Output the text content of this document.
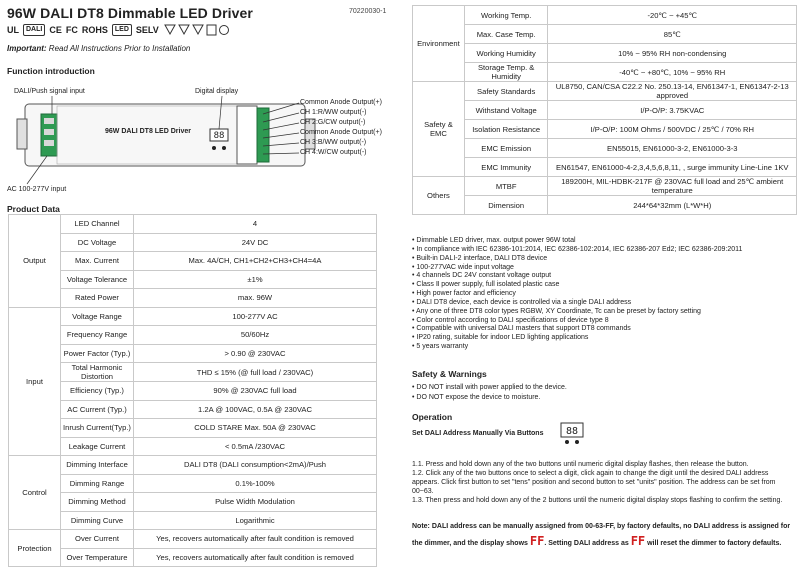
96W DALI DT8 Dimmable LED Driver	70220030-1
UL	DALI CE FC ROHS	LED SELV
Important: Read All Instructions Prior to Installation
Function introduction
88
DALI/Push signal input	Digital display
96W DALI DT8 LED Driver
AC 100-277V input
Common Anode Output(+)
CH 1:R/WW output(-)
CH 2:G/CW output(-)
Common Anode Output(+)
CH 3:B/WW output(-)
CH 4:W/CW output(-)
Product Data
Output	LED Channel	4
	DC Voltage	24V DC
	Max. Current	Max. 4A/CH, CH1+CH2+CH3+CH4=4A
	Voltage Tolerance	±1%
	Rated Power	max. 96W
Input	Voltage Range	100-277V AC
	Frequency Range	50/60Hz
	Power Factor (Typ.)	> 0.90 @ 230VAC
	Total Harmonic Distortion	THD ≤ 15% (@ full load / 230VAC)
	Efficiency (Typ.)	90% @ 230VAC full load
	AC Current (Typ.)	1.2A @ 100VAC, 0.5A @ 230VAC
	Inrush Current(Typ.)	COLD STARE Max. 50A @ 230VAC
	Leakage Current	< 0.5mA /230VAC
Control	Dimming Interface	DALI DT8 (DALI consumption<2mA)/Push
	Dimming Range	0.1%-100%
	Dimming Method	Pulse Width Modulation
	Dimming Curve	Logarithmic
Protection	Over Current	Yes, recovers automatically after fault condition is removed
	Over Temperature	Yes, recovers automatically after fault condition is removed
Environment	Working Temp.	-20℃ ~ +45℃
	Max. Case Temp.	85℃
	Working Humidity	10% ~ 95% RH non-condensing
	Storage Temp. & Humidity	-40℃ ~ +80℃, 10% ~ 95% RH
Safety & EMC	Safety Standards	UL8750, CAN/CSA C22.2 No. 250.13-14, EN61347-1, EN61347-2-13 approved
	Withstand Voltage	I/P-O/P: 3.75KVAC
	Isolation Resistance	I/P-O/P: 100M Ohms / 500VDC / 25℃ / 70% RH
	EMC Emission	EN55015, EN61000-3-2, EN61000-3-3
	EMC Immunity	EN61547, EN61000-4-2,3,4,5,6,8,11, , surge immunity Line-Line 1KV
Others	MTBF	189200H, MIL-HDBK-217F @ 230VAC full load and 25℃ ambient temperature
	Dimension	244*64*32mm (L*W*H)
• Dimmable LED driver, max. output power 96W total
• In compliance with IEC 62386-101:2014, IEC 62386-102:2014, IEC 62386-207 Ed2; IEC 62386-209:2011
• Built-in DALI-2 interface, DALI DT8 device
• 100-277VAC wide input voltage
• 4 channels DC 24V constant voltage output
• Class Ⅱ power supply, full isolated plastic case
• High power factor and efficiency
• DALI DT8 device, each device is controlled via a single DALI address
• Any one of three DT8 color types RGBW, XY Coordinate, Tc can be preset by factory setting
• Color control according to DALI specifications of device type 8
• Compatible with universal DALI masters that support DT8 commands
• IP20 rating, suitable for indoor LED lighting applications
• 5 years warranty
Safety & Warnings
• DO NOT install with power applied to the device.
• DO NOT expose the device to moisture.
Operation
Set DALI Address Manually Via Buttons 88
1.1. Press and hold down any of the two buttons until numeric digital display flashes, then release the button.
1.2. Click any of the two buttons once to select a digit, click again to change the digit until the desired DALI address appears. Click first button to set "tens" position and second button to set "units" position. The address can be set from 00~63.
1.3. Then press and hold down any of the 2 buttons until the numeric digital display stops flashing to confirm the setting.
Note: DALI address can be manually assigned from 00-63-FF, by factory defaults, no DALI address is assigned for the dimmer, and the display shows FF. Setting DALI address as FF will reset the dimmer to factory defaults.
